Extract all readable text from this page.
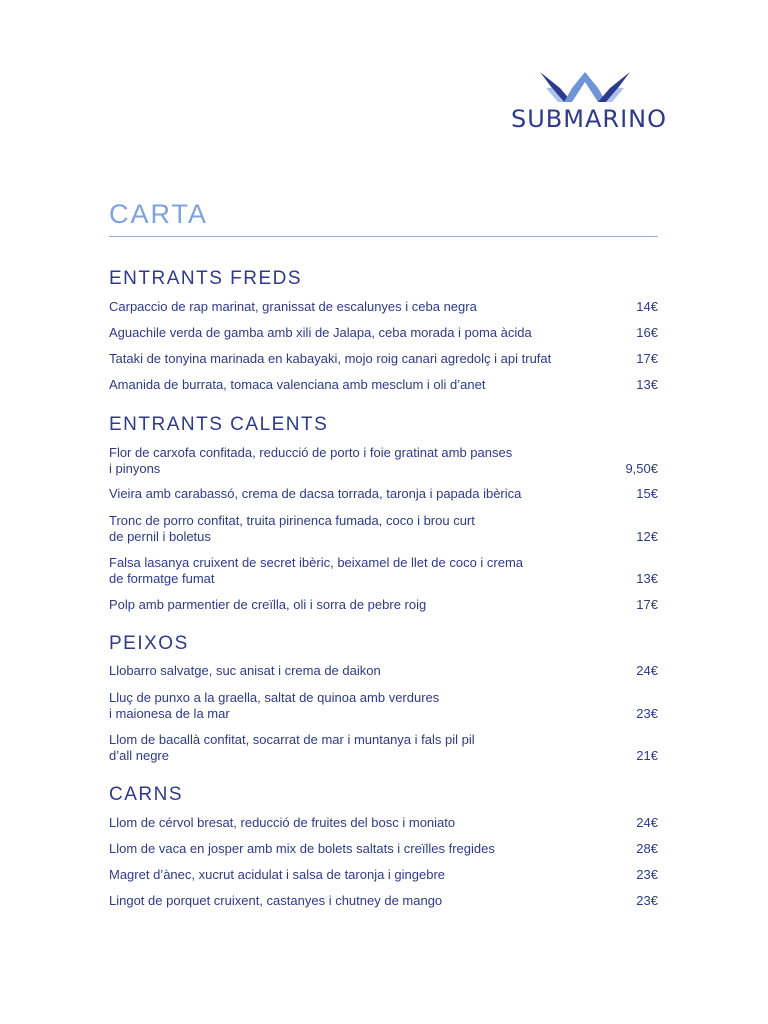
SUBMARINO
CARTA
ENTRANTS FREDS
Carpaccio de rap marinat, granissat de escalunyes i ceba negra	14€
Aguachile verda de gamba amb xili de Jalapa, ceba morada i poma àcida	16€
Tataki de tonyina marinada en kabayaki, mojo roig canari agredolç i api trufat	17€
Amanida de burrata, tomaca valenciana amb mesclum i oli d’anet	13€
ENTRANTS CALENTS
Flor de carxofa confitada, reducció de porto i foie gratinat amb panses
i pinyons	9,50€
Vieira amb carabassó, crema de dacsa torrada, taronja i papada ibèrica	15€
Tronc de porro confitat, truita pirinenca fumada, coco i brou curt
de pernil i boletus	12€
Falsa lasanya cruixent de secret ibèric, beixamel de llet de coco i crema
de formatge fumat	13€
Polp amb parmentier de creïlla, oli i sorra de pebre roig	17€
PEIXOS
Llobarro salvatge, suc anisat i crema de daikon	24€
Lluç de punxo a la graella, saltat de quinoa amb verdures
i maionesa de la mar	23€
Llom de bacallà confitat, socarrat de mar i muntanya i fals pil pil
d’all negre	21€
CARNS
Llom de cérvol bresat, reducció de fruites del bosc i moniato	24€
Llom de vaca en josper amb mix de bolets saltats i creïlles fregides	28€
Magret d’ànec, xucrut acidulat i salsa de taronja i gingebre	23€
Lingot de porquet cruixent, castanyes i chutney de mango	23€
